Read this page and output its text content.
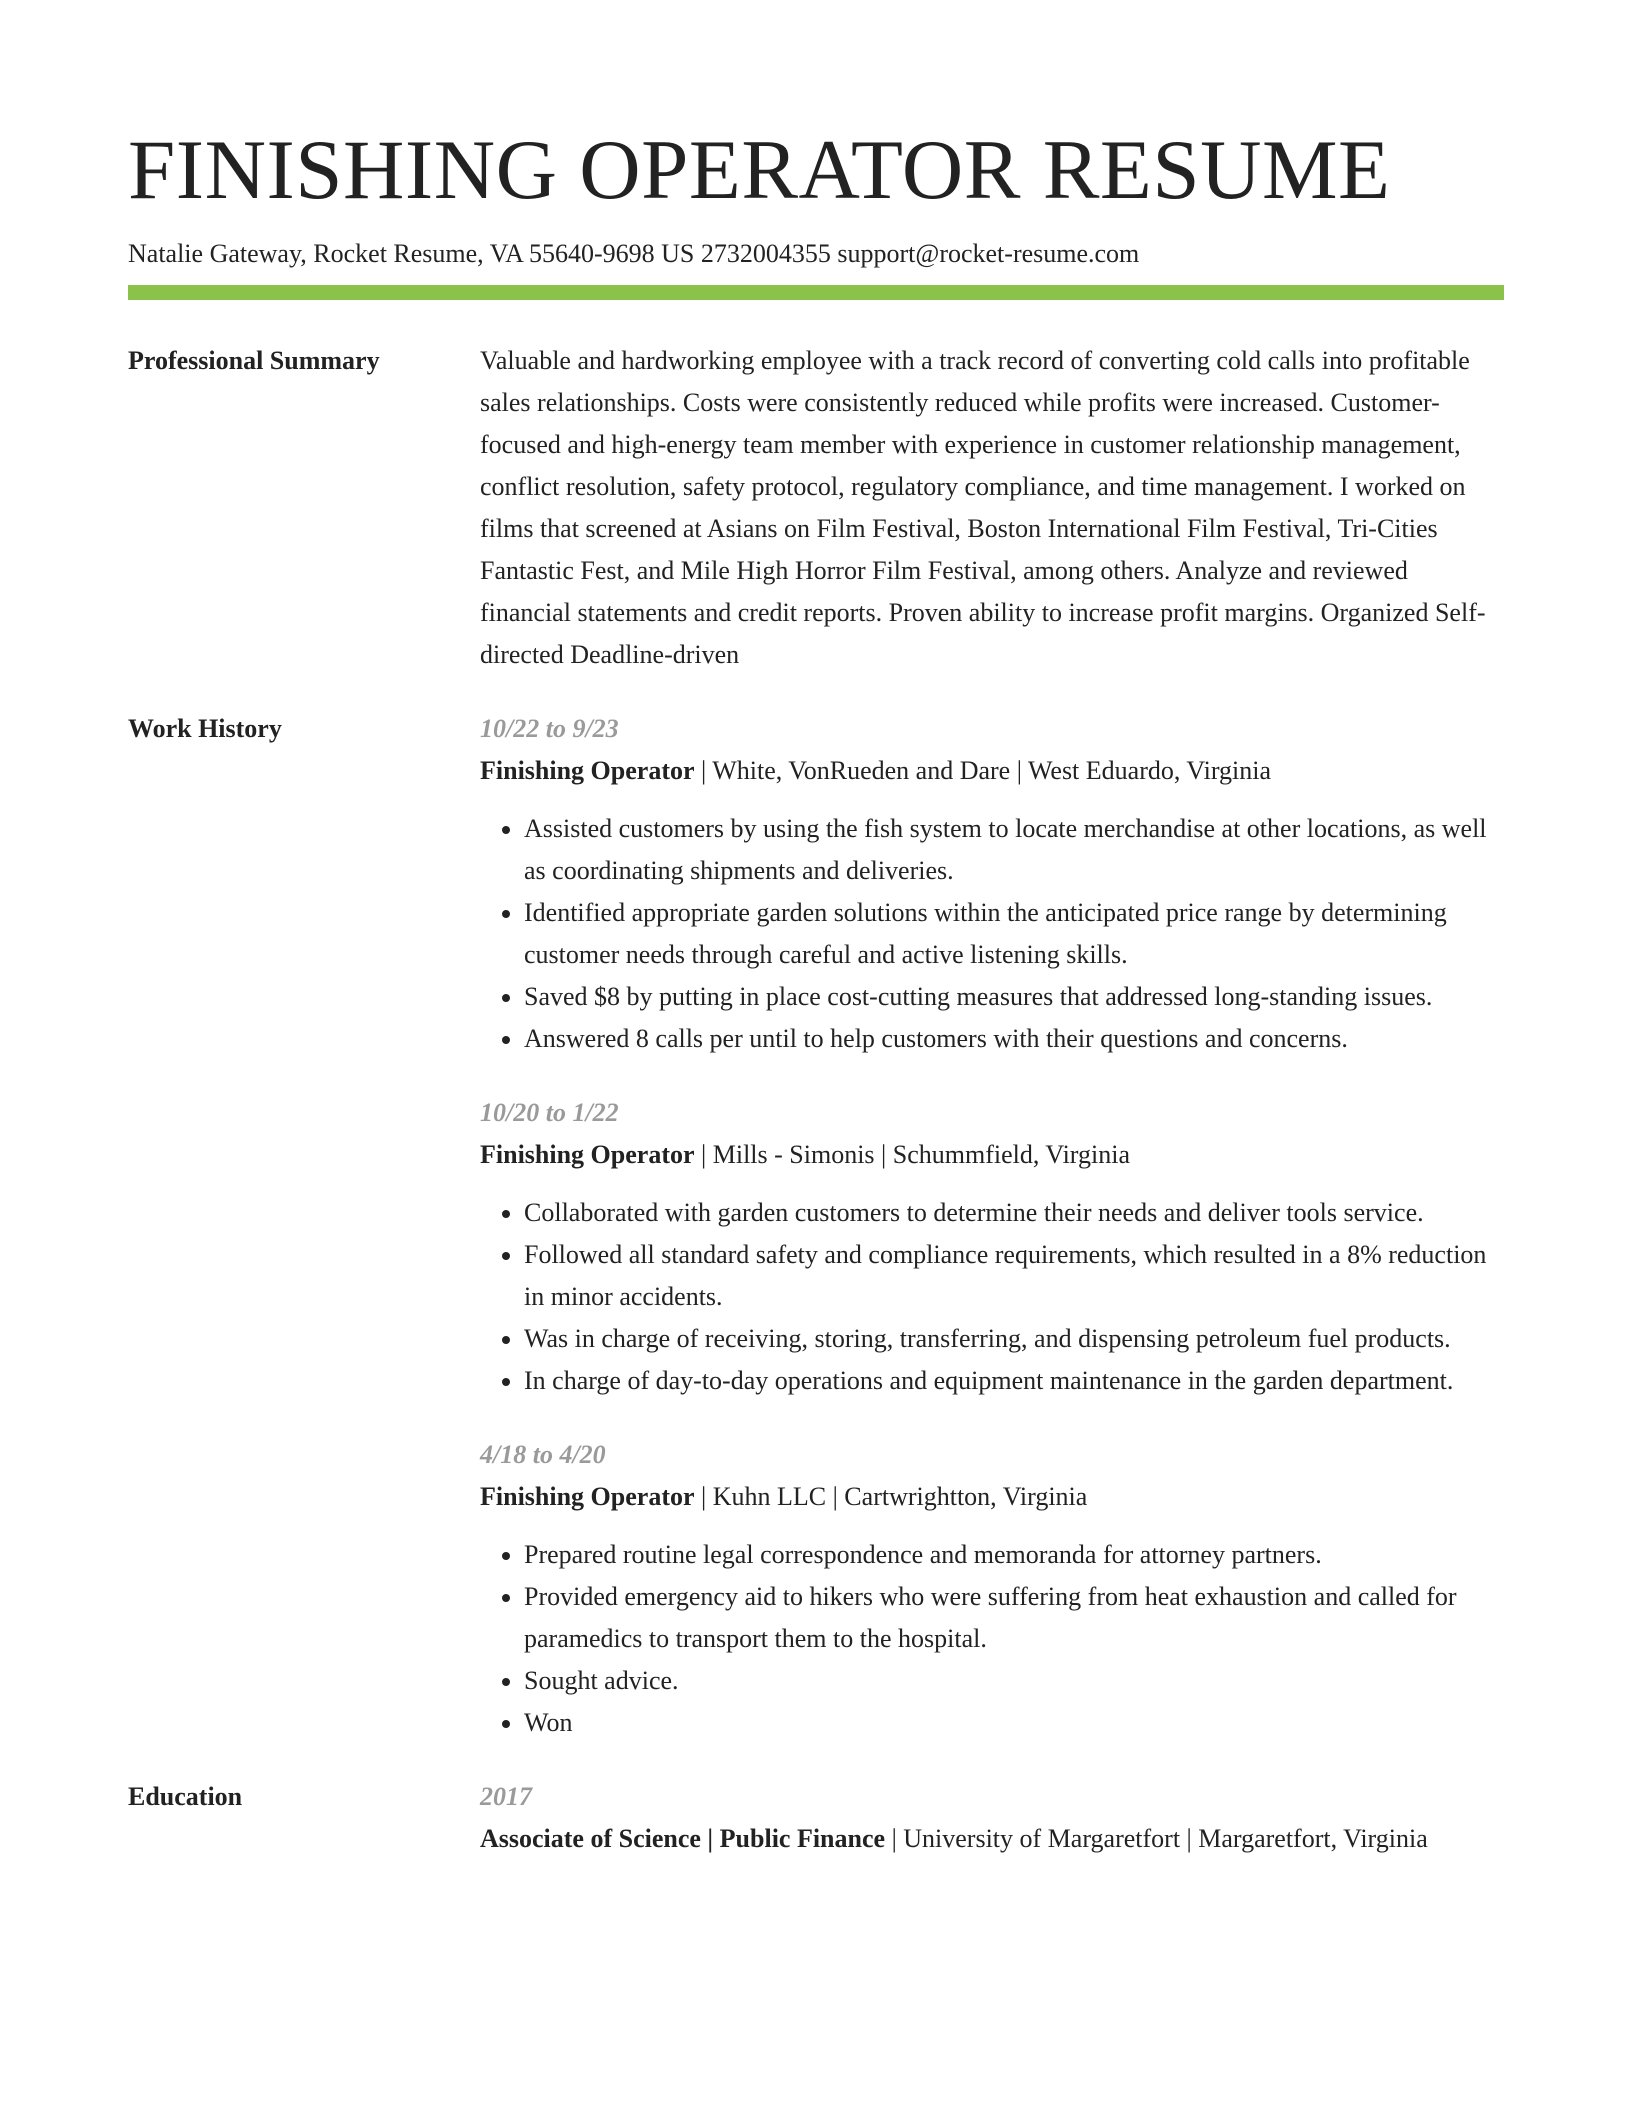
FINISHING OPERATOR RESUME
Natalie Gateway, Rocket Resume, VA 55640-9698 US 2732004355 support@rocket-resume.com
Professional Summary	Valuable and hardworking employee with a track record of converting cold calls into profitable sales relationships. Costs were consistently reduced while profits were increased. Customer-focused and high-energy team member with experience in customer relationship management, conflict resolution, safety protocol, regulatory compliance, and time management. I worked on films that screened at Asians on Film Festival, Boston International Film Festival, Tri-Cities Fantastic Fest, and Mile High Horror Film Festival, among others. Analyze and reviewed financial statements and credit reports. Proven ability to increase profit margins. Organized Self-directed Deadline-driven

Work History	10/22 to 9/23
Finishing Operator | White, VonRueden and Dare | West Eduardo, Virginia
• Assisted customers by using the fish system to locate merchandise at other locations, as well as coordinating shipments and deliveries.
• Identified appropriate garden solutions within the anticipated price range by determining customer needs through careful and active listening skills.
• Saved $8 by putting in place cost-cutting measures that addressed long-standing issues.
• Answered 8 calls per until to help customers with their questions and concerns.
10/20 to 1/22
Finishing Operator | Mills - Simonis | Schummfield, Virginia
• Collaborated with garden customers to determine their needs and deliver tools service.
• Followed all standard safety and compliance requirements, which resulted in a 8% reduction in minor accidents.
• Was in charge of receiving, storing, transferring, and dispensing petroleum fuel products.
• In charge of day-to-day operations and equipment maintenance in the garden department.
4/18 to 4/20
Finishing Operator | Kuhn LLC | Cartwrightton, Virginia
• Prepared routine legal correspondence and memoranda for attorney partners.
• Provided emergency aid to hikers who were suffering from heat exhaustion and called for paramedics to transport them to the hospital.
• Sought advice.
• Won
Education	2017
Associate of Science | Public Finance | University of Margaretfort | Margaretfort, Virginia
